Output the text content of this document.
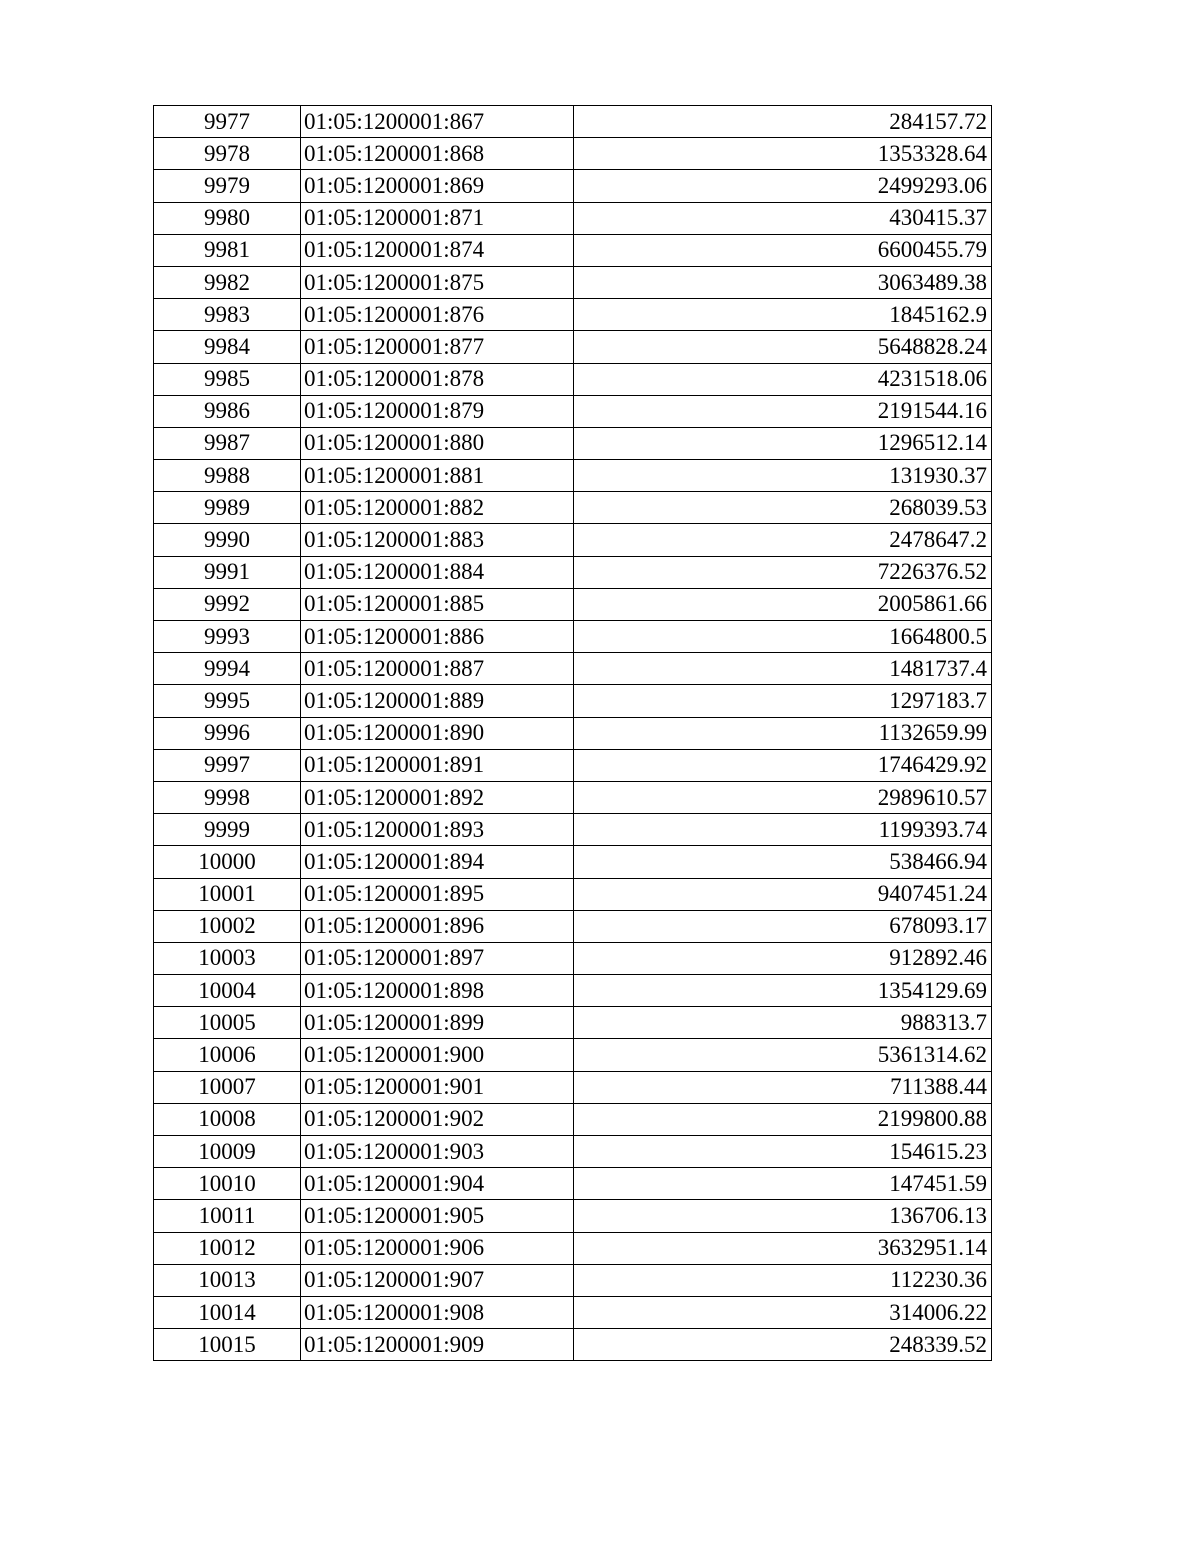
9977	01:05:1200001:867	284157.72
9978	01:05:1200001:868	1353328.64
9979	01:05:1200001:869	2499293.06
9980	01:05:1200001:871	430415.37
9981	01:05:1200001:874	6600455.79
9982	01:05:1200001:875	3063489.38
9983	01:05:1200001:876	1845162.9
9984	01:05:1200001:877	5648828.24
9985	01:05:1200001:878	4231518.06
9986	01:05:1200001:879	2191544.16
9987	01:05:1200001:880	1296512.14
9988	01:05:1200001:881	131930.37
9989	01:05:1200001:882	268039.53
9990	01:05:1200001:883	2478647.2
9991	01:05:1200001:884	7226376.52
9992	01:05:1200001:885	2005861.66
9993	01:05:1200001:886	1664800.5
9994	01:05:1200001:887	1481737.4
9995	01:05:1200001:889	1297183.7
9996	01:05:1200001:890	1132659.99
9997	01:05:1200001:891	1746429.92
9998	01:05:1200001:892	2989610.57
9999	01:05:1200001:893	1199393.74
10000	01:05:1200001:894	538466.94
10001	01:05:1200001:895	9407451.24
10002	01:05:1200001:896	678093.17
10003	01:05:1200001:897	912892.46
10004	01:05:1200001:898	1354129.69
10005	01:05:1200001:899	988313.7
10006	01:05:1200001:900	5361314.62
10007	01:05:1200001:901	711388.44
10008	01:05:1200001:902	2199800.88
10009	01:05:1200001:903	154615.23
10010	01:05:1200001:904	147451.59
10011	01:05:1200001:905	136706.13
10012	01:05:1200001:906	3632951.14
10013	01:05:1200001:907	112230.36
10014	01:05:1200001:908	314006.22
10015	01:05:1200001:909	248339.52
